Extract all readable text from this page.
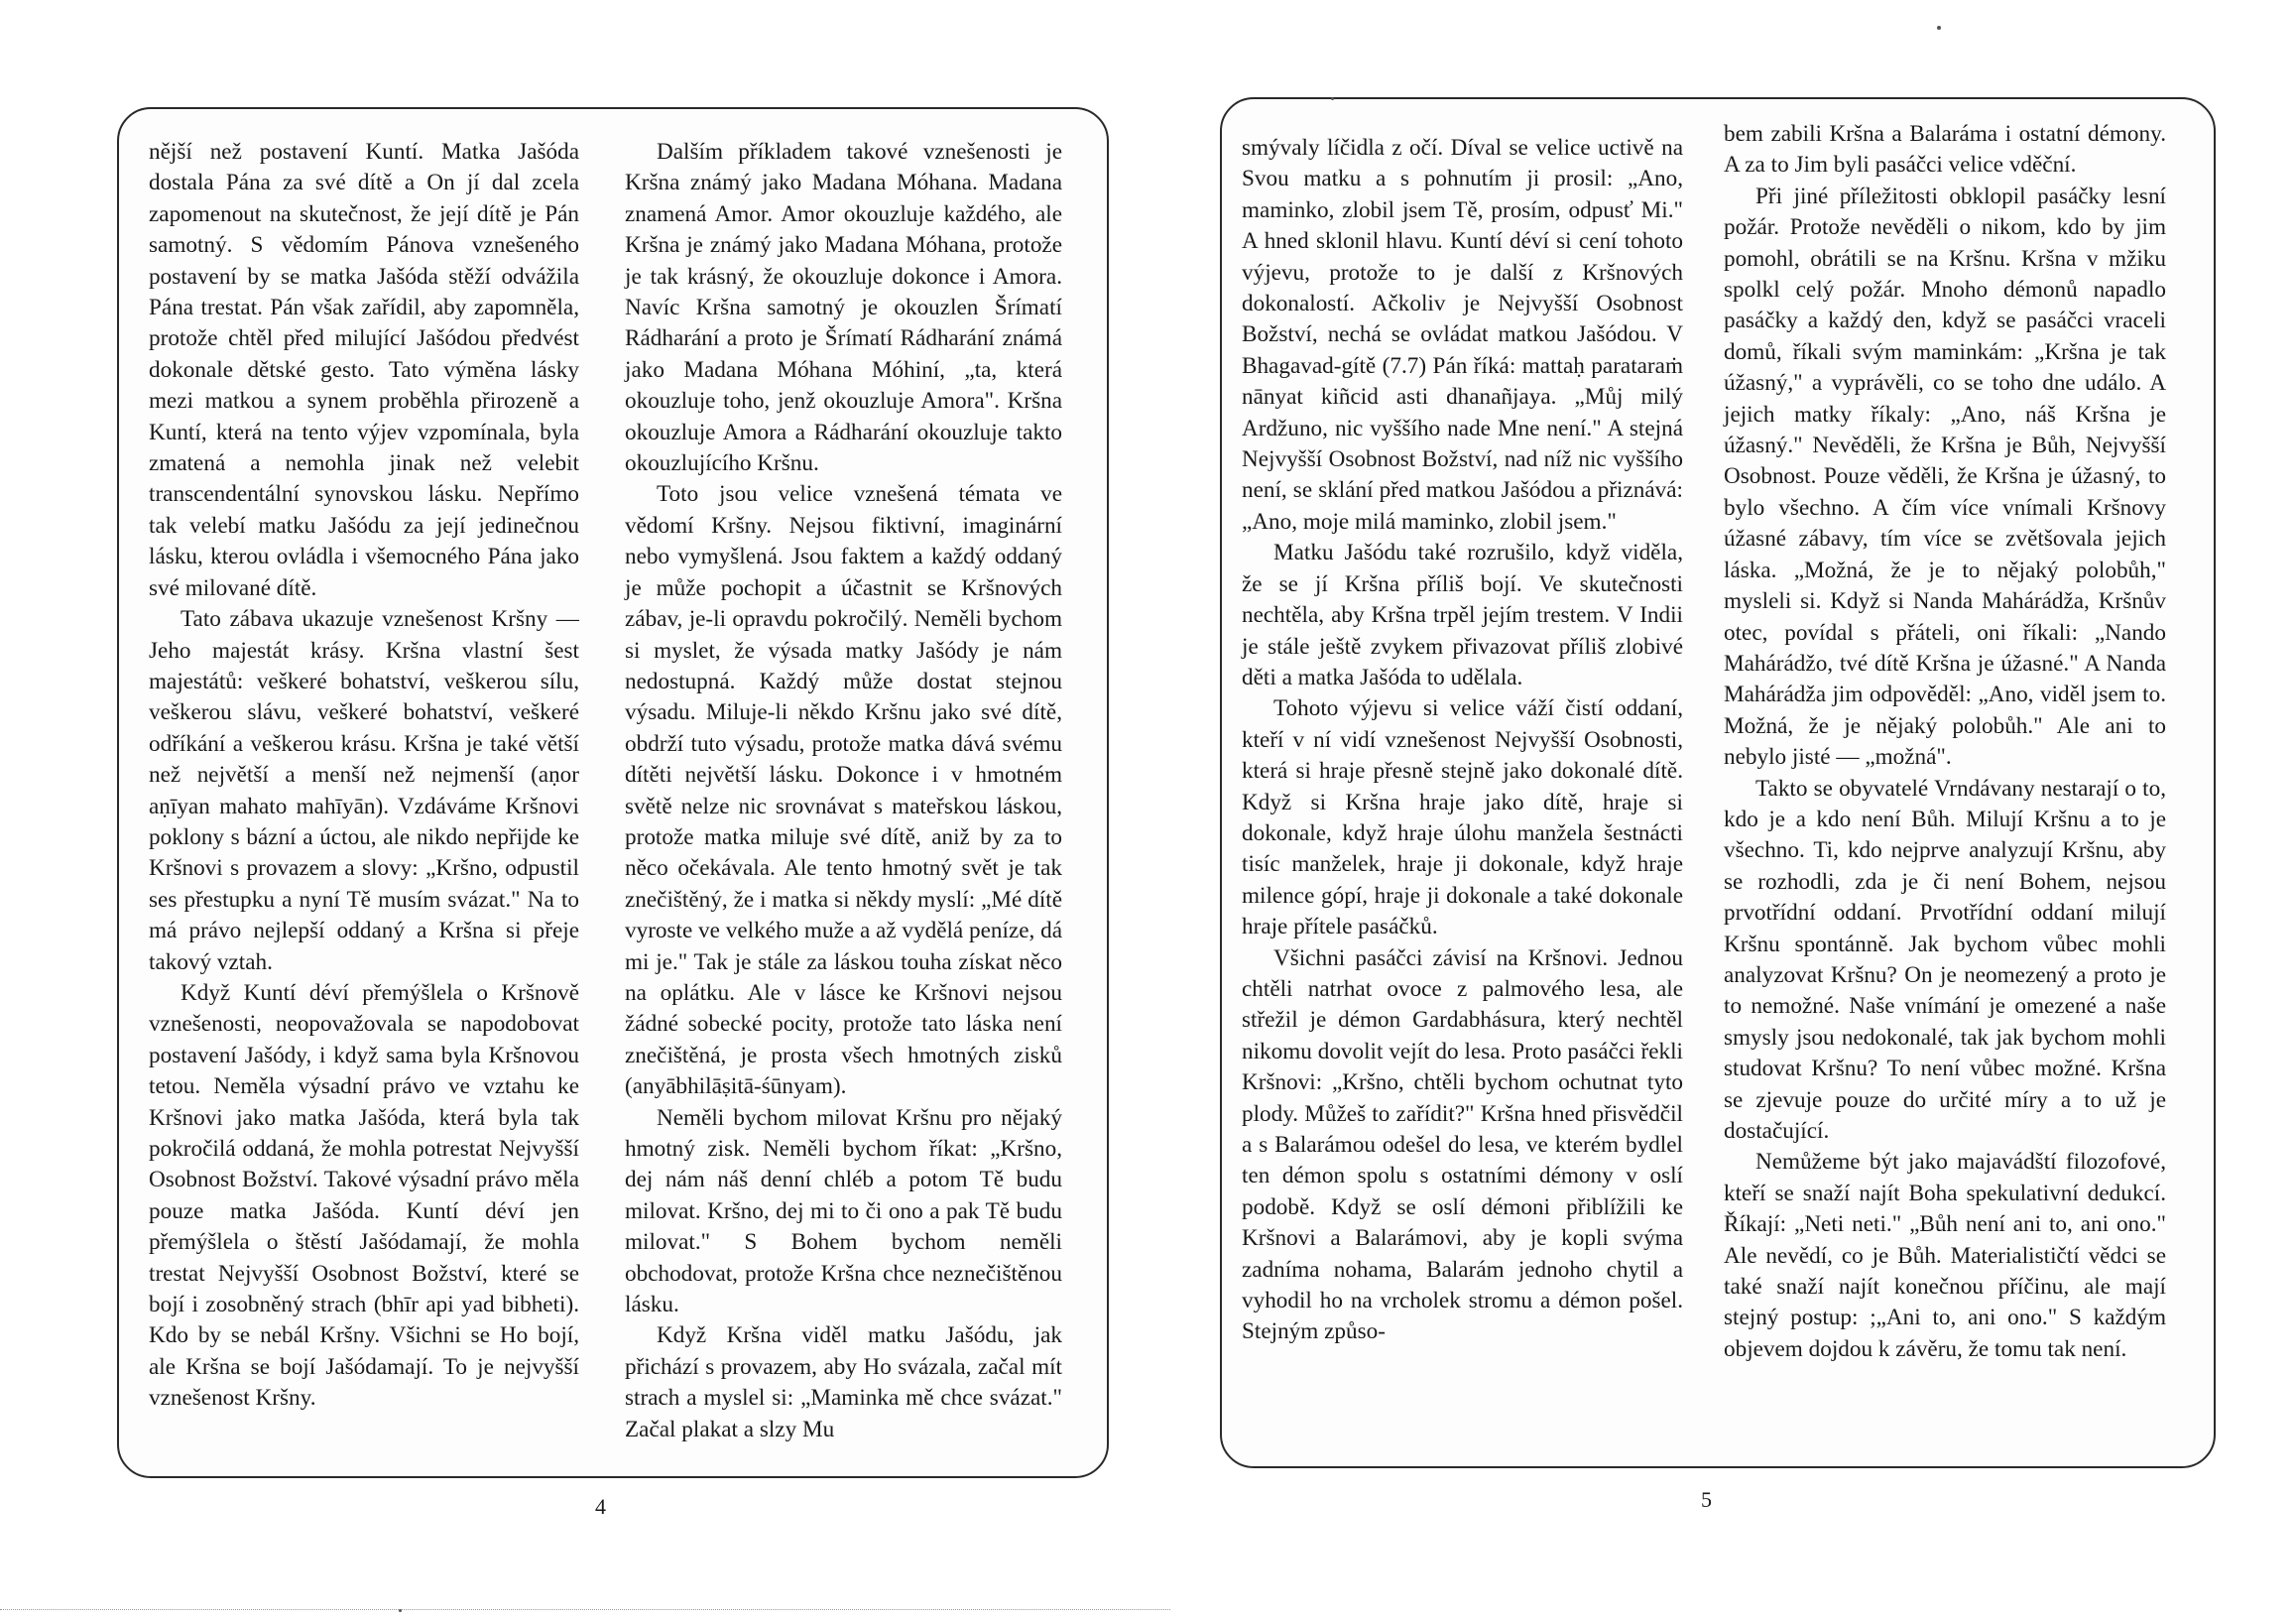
nější než postavení Kuntí. Matka Jašóda dostala Pána za své dítě a On jí dal zcela zapomenout na skutečnost, že její dítě je Pán samotný. S vědomím Pánova vznešeného postavení by se matka Jašóda stěží odvážila Pána trestat. Pán však zařídil, aby zapomněla, protože chtěl před milující Jašódou předvést dokonale dětské gesto. Tato výměna lásky mezi matkou a synem proběhla přirozeně a Kuntí, která na tento výjev vzpomínala, byla zmatená a nemohla jinak než velebit transcendentální synovskou lásku. Nepřímo tak velebí matku Jašódu za její jedinečnou lásku, kterou ovládla i všemocného Pána jako své milované dítě.

Tato zábava ukazuje vznešenost Kršny — Jeho majestát krásy. Kršna vlastní šest majestátů: veškeré bohatství, veškerou sílu, veškerou slávu, veškeré bohatství, veškeré odříkání a veškerou krásu. Kršna je také větší než největší a menší než nejmenší (aṇor aṇīyan mahato mahīyān). Vzdáváme Kršnovi poklony s bázní a úctou, ale nikdo nepřijde ke Kršnovi s provazem a slovy: „Kršno, odpustil ses přestupku a nyní Tě musím svázat." Na to má právo nejlepší oddaný a Kršna si přeje takový vztah.

Když Kuntí déví přemýšlela o Kršnově vznešenosti, neopovažovala se napodobovat postavení Jašódy, i když sama byla Kršnovou tetou. Neměla výsadní právo ve vztahu ke Kršnovi jako matka Jašóda, která byla tak pokročilá oddaná, že mohla potrestat Nejvyšší Osobnost Božství. Takové výsadní právo měla pouze matka Jašóda. Kuntí déví jen přemýšlela o štěstí Jašódamají, že mohla trestat Nejvyšší Osobnost Božství, které se bojí i zosobněný strach (bhīr api yad bibheti). Kdo by se nebál Kršny. Všichni se Ho bojí, ale Kršna se bojí Jašódamají. To je nejvyšší vznešenost Kršny.

Dalším příkladem takové vznešenosti je Kršna známý jako Madana Móhana. Madana znamená Amor. Amor okouzluje každého, ale Kršna je známý jako Madana Móhana, protože je tak krásný, že okouzluje dokonce i Amora. Navíc Kršna samotný je okouzlen Šrímatí Rádharání a proto je Šrímatí Rádharání známá jako Madana Móhana Móhiní, „ta, která okouzluje toho, jenž okouzluje Amora". Kršna okouzluje Amora a Rádharání okouzluje takto okouzlujícího Kršnu.

Toto jsou velice vznešená témata ve vědomí Kršny. Nejsou fiktivní, imaginární nebo vymyšlená. Jsou faktem a každý oddaný je může pochopit a účastnit se Kršnových zábav, je-li opravdu pokročilý. Neměli bychom si myslet, že výsada matky Jašódy je nám nedostupná. Každý může dostat stejnou výsadu. Miluje-li někdo Kršnu jako své dítě, obdrží tuto výsadu, protože matka dává svému dítěti největší lásku. Dokonce i v hmotném světě nelze nic srovnávat s mateřskou láskou, protože matka miluje své dítě, aniž by za to něco očekávala. Ale tento hmotný svět je tak znečištěný, že i matka si někdy myslí: „Mé dítě vyroste ve velkého muže a až vydělá peníze, dá mi je." Tak je stále za láskou touha získat něco na oplátku. Ale v lásce ke Kršnovi nejsou žádné sobecké pocity, protože tato láska není znečištěná, je prosta všech hmotných zisků (anyābhilāṣitā-śūnyam).

Neměli bychom milovat Kršnu pro nějaký hmotný zisk. Neměli bychom říkat: „Kršno, dej nám náš denní chléb a potom Tě budu milovat. Kršno, dej mi to či ono a pak Tě budu milovat." S Bohem bychom neměli obchodovat, protože Kršna chce neznečištěnou lásku.

Když Kršna viděl matku Jašódu, jak přichází s provazem, aby Ho svázala, začal mít strach a myslel si: „Maminka mě chce svázat." Začal plakat a slzy Mu

4

smývaly líčidla z očí. Díval se velice uctivě na Svou matku a s pohnutím ji prosil: „Ano, maminko, zlobil jsem Tě, prosím, odpusť Mi." A hned sklonil hlavu. Kuntí déví si cení tohoto výjevu, protože to je další z Kršnových dokonalostí. Ačkoliv je Nejvyšší Osobnost Božství, nechá se ovládat matkou Jašódou. V Bhagavad-gítě (7.7) Pán říká: mattaḥ parataraṁ nānyat kiñcid asti dhanañjaya. „Můj milý Ardžuno, nic vyššího nade Mne není." A stejná Nejvyšší Osobnost Božství, nad níž nic vyššího není, se sklání před matkou Jašódou a přiznává: „Ano, moje milá maminko, zlobil jsem."

Matku Jašódu také rozrušilo, když viděla, že se jí Kršna příliš bojí. Ve skutečnosti nechtěla, aby Kršna trpěl jejím trestem. V Indii je stále ještě zvykem přivazovat příliš zlobivé děti a matka Jašóda to udělala.

Tohoto výjevu si velice váží čistí oddaní, kteří v ní vidí vznešenost Nejvyšší Osobnosti, která si hraje přesně stejně jako dokonalé dítě. Když si Kršna hraje jako dítě, hraje si dokonale, když hraje úlohu manžela šestnácti tisíc manželek, hraje ji dokonale, když hraje milence gópí, hraje ji dokonale a také dokonale hraje přítele pasáčků.

Všichni pasáčci závisí na Kršnovi. Jednou chtěli natrhat ovoce z palmového lesa, ale střežil je démon Gardabhásura, který nechtěl nikomu dovolit vejít do lesa. Proto pasáčci řekli Kršnovi: „Kršno, chtěli bychom ochutnat tyto plody. Můžeš to zařídit?" Kršna hned přisvědčil a s Balarámou odešel do lesa, ve kterém bydlel ten démon spolu s ostatními démony v oslí podobě. Když se oslí démoni přiblížili ke Kršnovi a Balarámovi, aby je kopli svýma zadníma nohama, Balarám jednoho chytil a vyhodil ho na vrcholek stromu a démon pošel. Stejným způso-

bem zabili Kršna a Balaráma i ostatní démony. A za to Jim byli pasáčci velice vděční.

Při jiné příležitosti obklopil pasáčky lesní požár. Protože nevěděli o nikom, kdo by jim pomohl, obrátili se na Kršnu. Kršna v mžiku spolkl celý požár. Mnoho démonů napadlo pasáčky a každý den, když se pasáčci vraceli domů, říkali svým maminkám: „Kršna je tak úžasný," a vyprávěli, co se toho dne událo. A jejich matky říkaly: „Ano, náš Kršna je úžasný." Nevěděli, že Kršna je Bůh, Nejvyšší Osobnost. Pouze věděli, že Kršna je úžasný, to bylo všechno. A čím více vnímali Kršnovy úžasné zábavy, tím více se zvětšovala jejich láska. „Možná, že je to nějaký polobůh," mysleli si. Když si Nanda Mahárádža, Kršnův otec, povídal s přáteli, oni říkali: „Nando Mahárádžo, tvé dítě Kršna je úžasné." A Nanda Mahárádža jim odpověděl: „Ano, viděl jsem to. Možná, že je nějaký polobůh." Ale ani to nebylo jisté — „možná".

Takto se obyvatelé Vrndávany nestarají o to, kdo je a kdo není Bůh. Milují Kršnu a to je všechno. Ti, kdo nejprve analyzují Kršnu, aby se rozhodli, zda je či není Bohem, nejsou prvotřídní oddaní. Prvotřídní oddaní milují Kršnu spontánně. Jak bychom vůbec mohli analyzovat Kršnu? On je neomezený a proto je to nemožné. Naše vnímání je omezené a naše smysly jsou nedokonalé, tak jak bychom mohli studovat Kršnu? To není vůbec možné. Kršna se zjevuje pouze do určité míry a to už je dostačující.

Nemůžeme být jako majavádští filozofové, kteří se snaží najít Boha spekulativní dedukcí. Říkají: „Neti neti." „Bůh není ani to, ani ono." Ale nevědí, co je Bůh. Materialističtí vědci se také snaží najít konečnou příčinu, ale mají stejný postup: ;„Ani to, ani ono." S každým objevem dojdou k závěru, že tomu tak není.

5
